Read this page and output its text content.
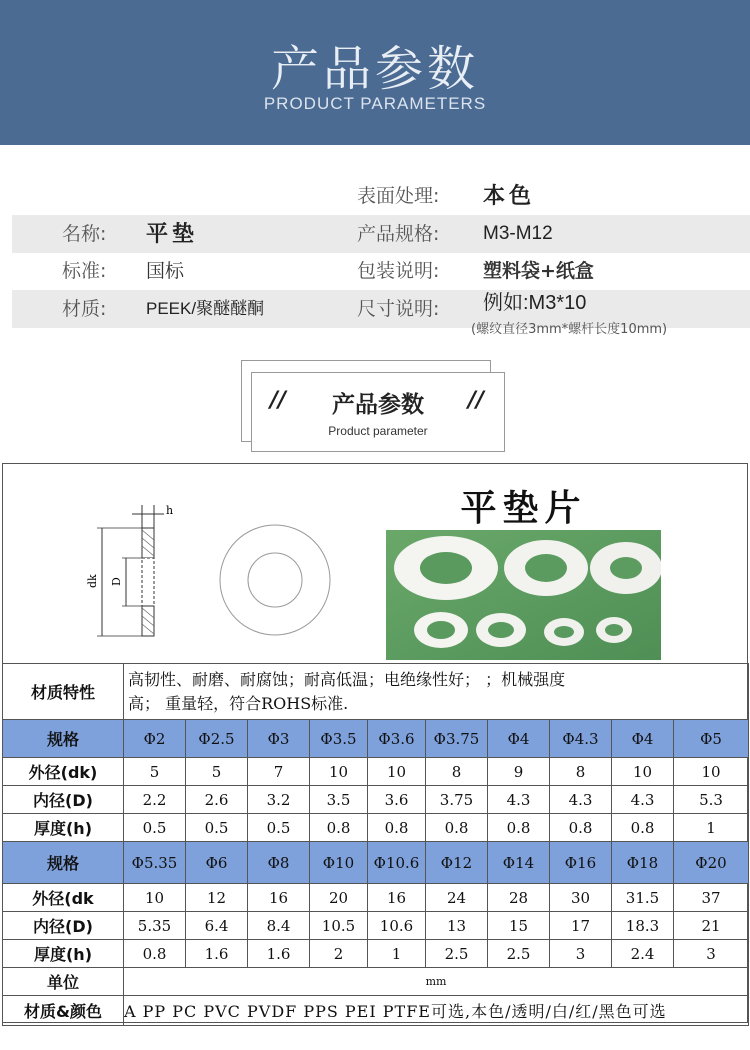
产品参数
PRODUCT PARAMETERS
表面处理: 本色
名称: 平垫	产品规格: M3-M12
标准: 国标	包装说明: 塑料袋+纸盒
材质: PEEK/聚醚醚酮	尺寸说明: 例如:M3*10
(螺纹直径3mm*螺杆长度10mm)
//	产品参数	//
Product parameter
h
dk D
平垫片
材质特性	高韧性、耐磨、耐腐蚀；耐高低温；电绝缘性好； ；机械强度
高； 重量轻，符合ROHS标准.									

规格	Φ2	Φ2.5	Φ3	Φ3.5	Φ3.6	Φ3.75	Φ4	Φ4.3	Φ4	Φ5
外径(dk)	5	5	7	10	10	8	9	8	10	10
内径(D)	2.2	2.6	3.2	3.5	3.6	3.75	4.3	4.3	4.3	5.3
厚度(h)	0.5	0.5	0.5	0.8	0.8	0.8	0.8	0.8	0.8	1
规格	Φ5.35	Φ6	Φ8	Φ10	Φ10.6	Φ12	Φ14	Φ16	Φ18	Φ20
外径(dk	10	12	16	20	16	24	28	30	31.5	37
内径(D)	5.35	6.4	8.4	10.5	10.6	13	15	17	18.3	21
厚度(h)	0.8	1.6	1.6	2	1	2.5	2.5	3	2.4	3
单位	mm									
材质&颜色	A PP PC PVC PVDF PPS PEI PTFE可选,本色/透明/白/红/黑色可选									
